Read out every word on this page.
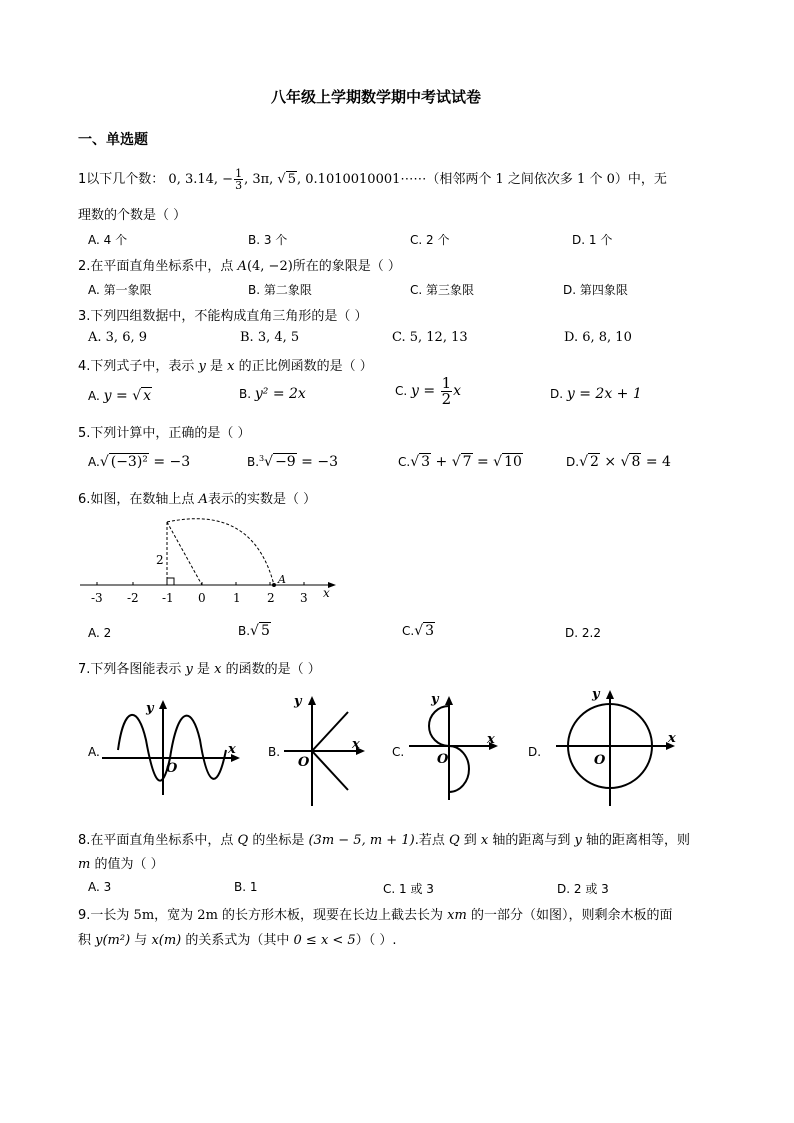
八年级上学期数学期中考试试卷
一、单选题
1以下几个数： 0, 3.14, − $\frac{1}{3}$ , 3π, √ 5, 0.1010010001⋯⋯（相邻两个 1 之间依次多 1 个 0）中，无
理数的个数是（ ）
A. 4 个	B. 3 个	C. 2 个	D. 1 个
2.在平面直角坐标系中，点 A(4, −2)所在的象限是（ ）
A. 第一象限	B. 第二象限	C. 第三象限	D. 第四象限
3.下列四组数据中，不能构成直角三角形的是（ ）
A. 3, 6, 9	B. 3, 4, 5	C. 5, 12, 13	D. 6, 8, 10
4.下列式子中，表示 y 是 x 的正比例函数的是（ ）
A. y = √ x	B. y² = 2x	C. $y = \frac{1}{2}$ x	D. y = 2x + 1
5.下列计算中，正确的是（ ）
A. √ (−3)² = −3	B.$^3$ √ −9 = −3	C. √ 3 + √ 7 = √ 10	D. √ 2 × √ 8 = 4
6.如图，在数轴上点 A表示的实数是（ ）
-3 -2 -1 0 1 2 3 x
2
A
A. 2	B. √ 5	C. √ 3	D. 2.2
7.下列各图能表示 y 是 x 的函数的是（ ）
A.
y
x
O
B.
y
x
O
C.
y
x
O	D.
y
x
O
8.在平面直角坐标系中，点 Q 的坐标是 (3m − 5, m + 1).若点 Q 到 x 轴的距离与到 y 轴的距离相等，则
m 的值为（ ）
A. 3	B. 1	C. 1 或 3	D. 2 或 3
9.一长为 5m，宽为 2m 的长方形木板，现要在长边上截去长为 xm 的一部分（如图），则剩余木板的面
积 y(m²) 与 x(m) 的关系式为（其中 0 ≤ x < 5）（ ）.
